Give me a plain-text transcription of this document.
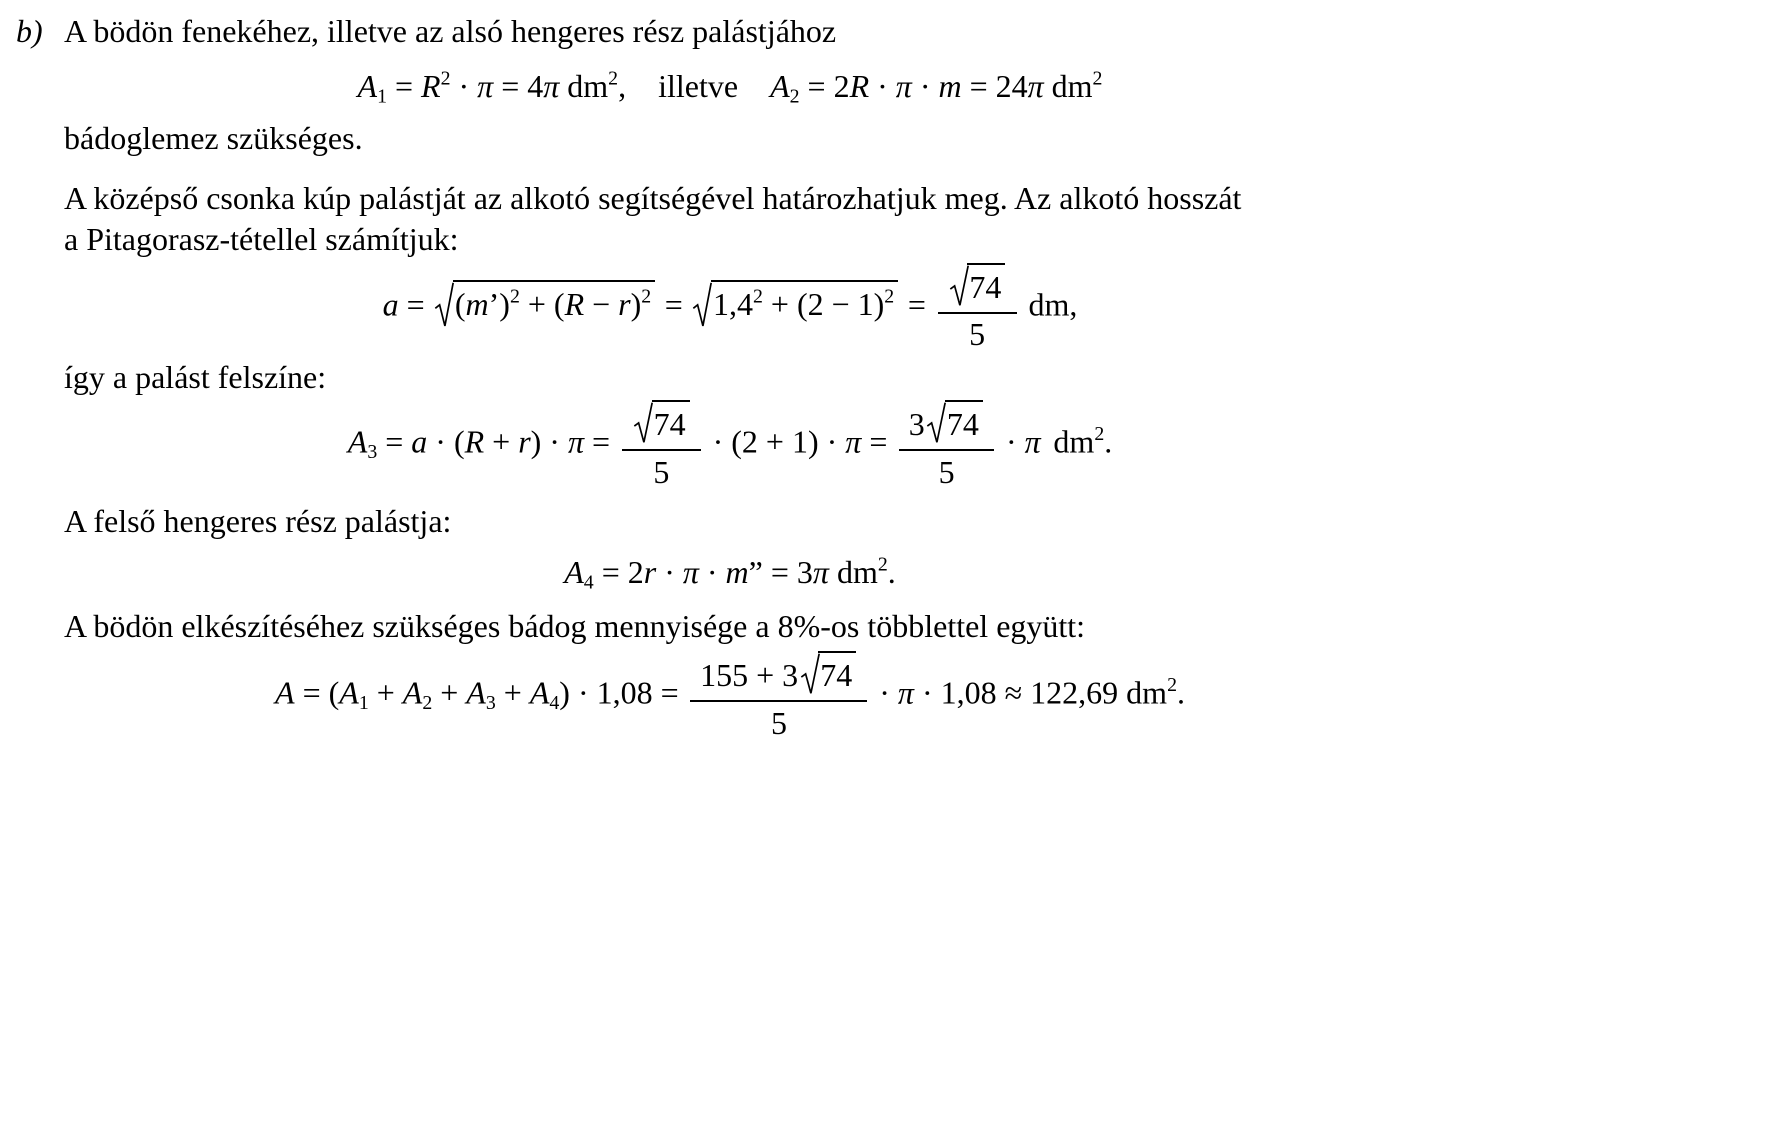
b) A bödön fenekéhez, illetve az alsó hengeres rész palástjához
$A1 = R^2 \cdot \pi = 4\pi$ $dm^2$, illetve A2 = 2R · π · m = 24π $dm^2$
bádoglemez szükséges.
A középső csonka kúp palástját az alkotó segítségével határozhatjuk meg. Az alkotó hosszát
a Pitagorasz-tétellel számítjuk:
a =
(m’)$^2$ + $(R - r)^2$ =
$1,4^2 + (2 - 1)^2 = \frac{74}{5}$ dm,
így a palást felszíne:
$A3 = a \cdot (R + r) \cdot \pi = \frac{74}{5} \cdot (2 + 1) \cdot \pi = \frac{3 74}{5} \cdot \pi$ $dm^2$.
A felső hengeres rész palástja:
A4 = 2r · π · m” = 3π $dm^2$.
A bödön elkészítéséhez szükséges bádog mennyisége a 8%-os többlettel együtt:
$A = (A1 + A2 + A3 + A4) \cdot 1,08 = \frac{155 + 3 74}{5} \cdot \pi \cdot 1,08 \approx 122,69$ $dm^2$.
